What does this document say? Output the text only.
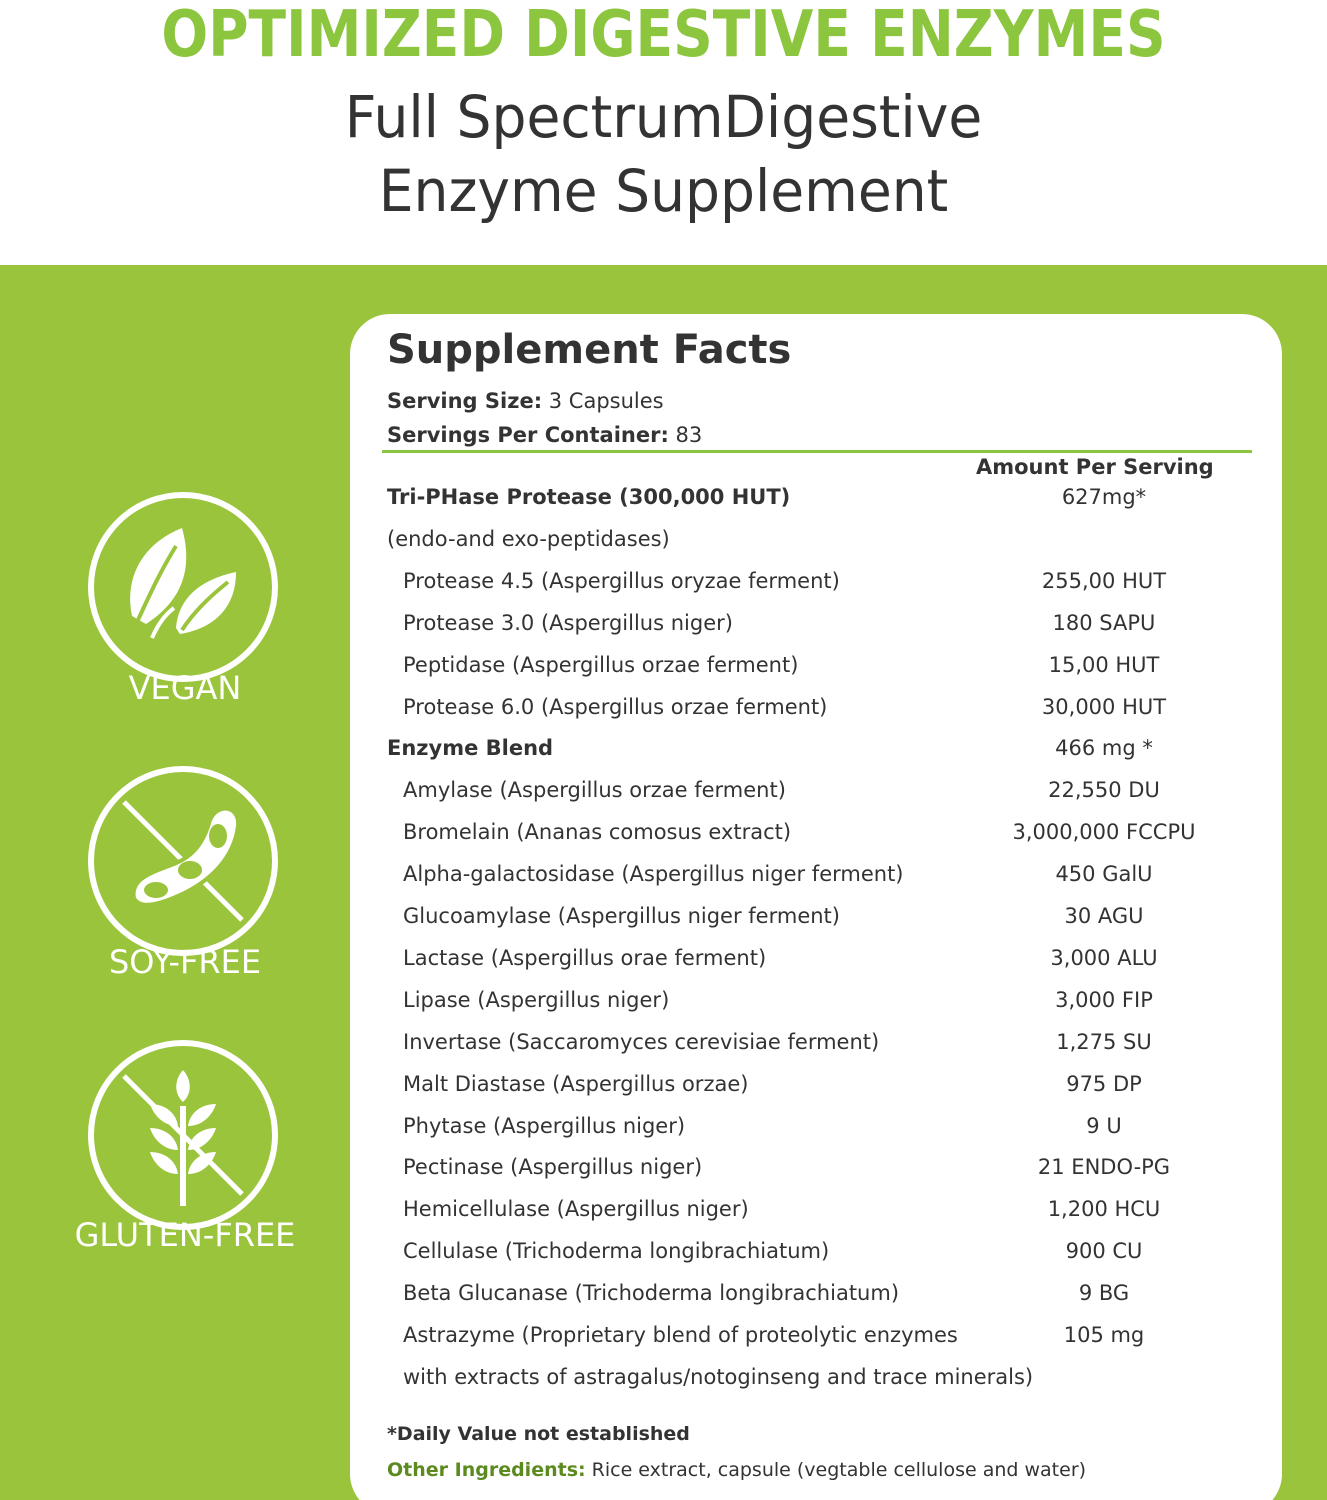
OPTIMIZED DIGESTIVE ENZYMES
Full SpectrumDigestive
Enzyme Supplement
VEGAN
SOY-FREE
GLUTEN-FREE
Supplement Facts
Serving Size: 3 Capsules
Servings Per Container: 83
Amount Per Serving
Tri-PHase Protease (300,000 HUT)	627mg*
(endo-and exo-peptidases)
Protease 4.5 (Aspergillus oryzae ferment)	255,00 HUT
Protease 3.0 (Aspergillus niger)	180 SAPU
Peptidase (Aspergillus orzae ferment)	15,00 HUT
Protease 6.0 (Aspergillus orzae ferment)	30,000 HUT
Enzyme Blend	466 mg *
Amylase (Aspergillus orzae ferment)	22,550 DU
Bromelain (Ananas comosus extract)	3,000,000 FCCPU
Alpha-galactosidase (Aspergillus niger ferment)	450 GalU
Glucoamylase (Aspergillus niger ferment)	30 AGU
Lactase (Aspergillus orae ferment)	3,000 ALU
Lipase (Aspergillus niger)	3,000 FIP
Invertase (Saccaromyces cerevisiae ferment)	1,275 SU
Malt Diastase (Aspergillus orzae)	975 DP
Phytase (Aspergillus niger)	9 U
Pectinase (Aspergillus niger)	21 ENDO-PG
Hemicellulase (Aspergillus niger)	1,200 HCU
Cellulase (Trichoderma longibrachiatum)	900 CU
Beta Glucanase (Trichoderma longibrachiatum)	9 BG
Astrazyme (Proprietary blend of proteolytic enzymes	105 mg
with extracts of astragalus/notoginseng and trace minerals)
*Daily Value not established
Other Ingredients: Rice extract, capsule (vegtable cellulose and water)
